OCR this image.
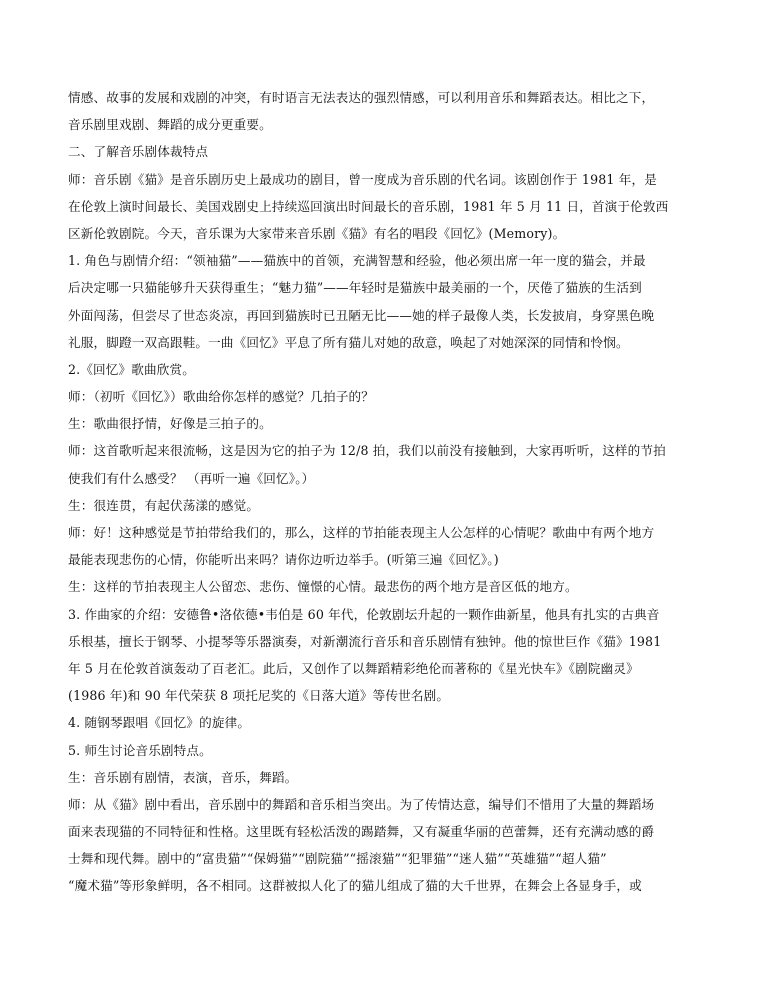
情感、故事的发展和戏剧的冲突，有时语言无法表达的强烈情感，可以利用音乐和舞蹈表达。相比之下，
音乐剧里戏剧、舞蹈的成分更重要。
二、了解音乐剧体裁特点
师：音乐剧《猫》是音乐剧历史上最成功的剧目，曾一度成为音乐剧的代名词。该剧创作于 1981 年，是
在伦敦上演时间最长、美国戏剧史上持续巡回演出时间最长的音乐剧，1981 年 5 月 11 日，首演于伦敦西
区新伦敦剧院。今天，音乐课为大家带来音乐剧《猫》有名的唱段《回忆》(Memory)。
1. 角色与剧情介绍：“领袖猫”——猫族中的首领，充满智慧和经验，他必须出席一年一度的猫会，并最
后决定哪一只猫能够升天获得重生；“魅力猫”——年轻时是猫族中最美丽的一个，厌倦了猫族的生活到
外面闯荡，但尝尽了世态炎凉，再回到猫族时已丑陋无比——她的样子最像人类，长发披肩，身穿黑色晚
礼服，脚蹬一双高跟鞋。一曲《回忆》平息了所有猫儿对她的敌意，唤起了对她深深的同情和怜悯。
2.《回忆》歌曲欣赏。
师：（初听《回忆》）歌曲给你怎样的感觉？几拍子的？
生：歌曲很抒情，好像是三拍子的。
师：这首歌听起来很流畅，这是因为它的拍子为 12/8 拍，我们以前没有接触到，大家再听听，这样的节拍
使我们有什么感受？ （再听一遍《回忆》。）
生：很连贯，有起伏荡漾的感觉。
师：好！这种感觉是节拍带给我们的，那么，这样的节拍能表现主人公怎样的心情呢？歌曲中有两个地方
最能表现悲伤的心情，你能听出来吗？请你边听边举手。(听第三遍《回忆》。)
生：这样的节拍表现主人公留恋、悲伤、憧憬的心情。最悲伤的两个地方是音区低的地方。
3. 作曲家的介绍：安德鲁•洛依德•韦伯是 60 年代，伦敦剧坛升起的一颗作曲新星，他具有扎实的古典音
乐根基，擅长于钢琴、小提琴等乐器演奏，对新潮流行音乐和音乐剧情有独钟。他的惊世巨作《猫》1981
年 5 月在伦敦首演轰动了百老汇。此后，又创作了以舞蹈精彩绝伦而著称的《星光快车》《剧院幽灵》
(1986 年)和 90 年代荣获 8 项托尼奖的《日落大道》等传世名剧。
4. 随钢琴跟唱《回忆》的旋律。
5. 师生讨论音乐剧特点。
生：音乐剧有剧情，表演，音乐，舞蹈。
师：从《猫》剧中看出，音乐剧中的舞蹈和音乐相当突出。为了传情达意，编导们不惜用了大量的舞蹈场
面来表现猫的不同特征和性格。这里既有轻松活泼的踢踏舞，又有凝重华丽的芭蕾舞，还有充满动感的爵
士舞和现代舞。剧中的“富贵猫”“保姆猫”“剧院猫”“摇滚猫”“犯罪猫”“迷人猫”“英雄猫”“超人猫”
“魔术猫”等形象鲜明，各不相同。这群被拟人化了的猫儿组成了猫的大千世界，在舞会上各显身手，或
